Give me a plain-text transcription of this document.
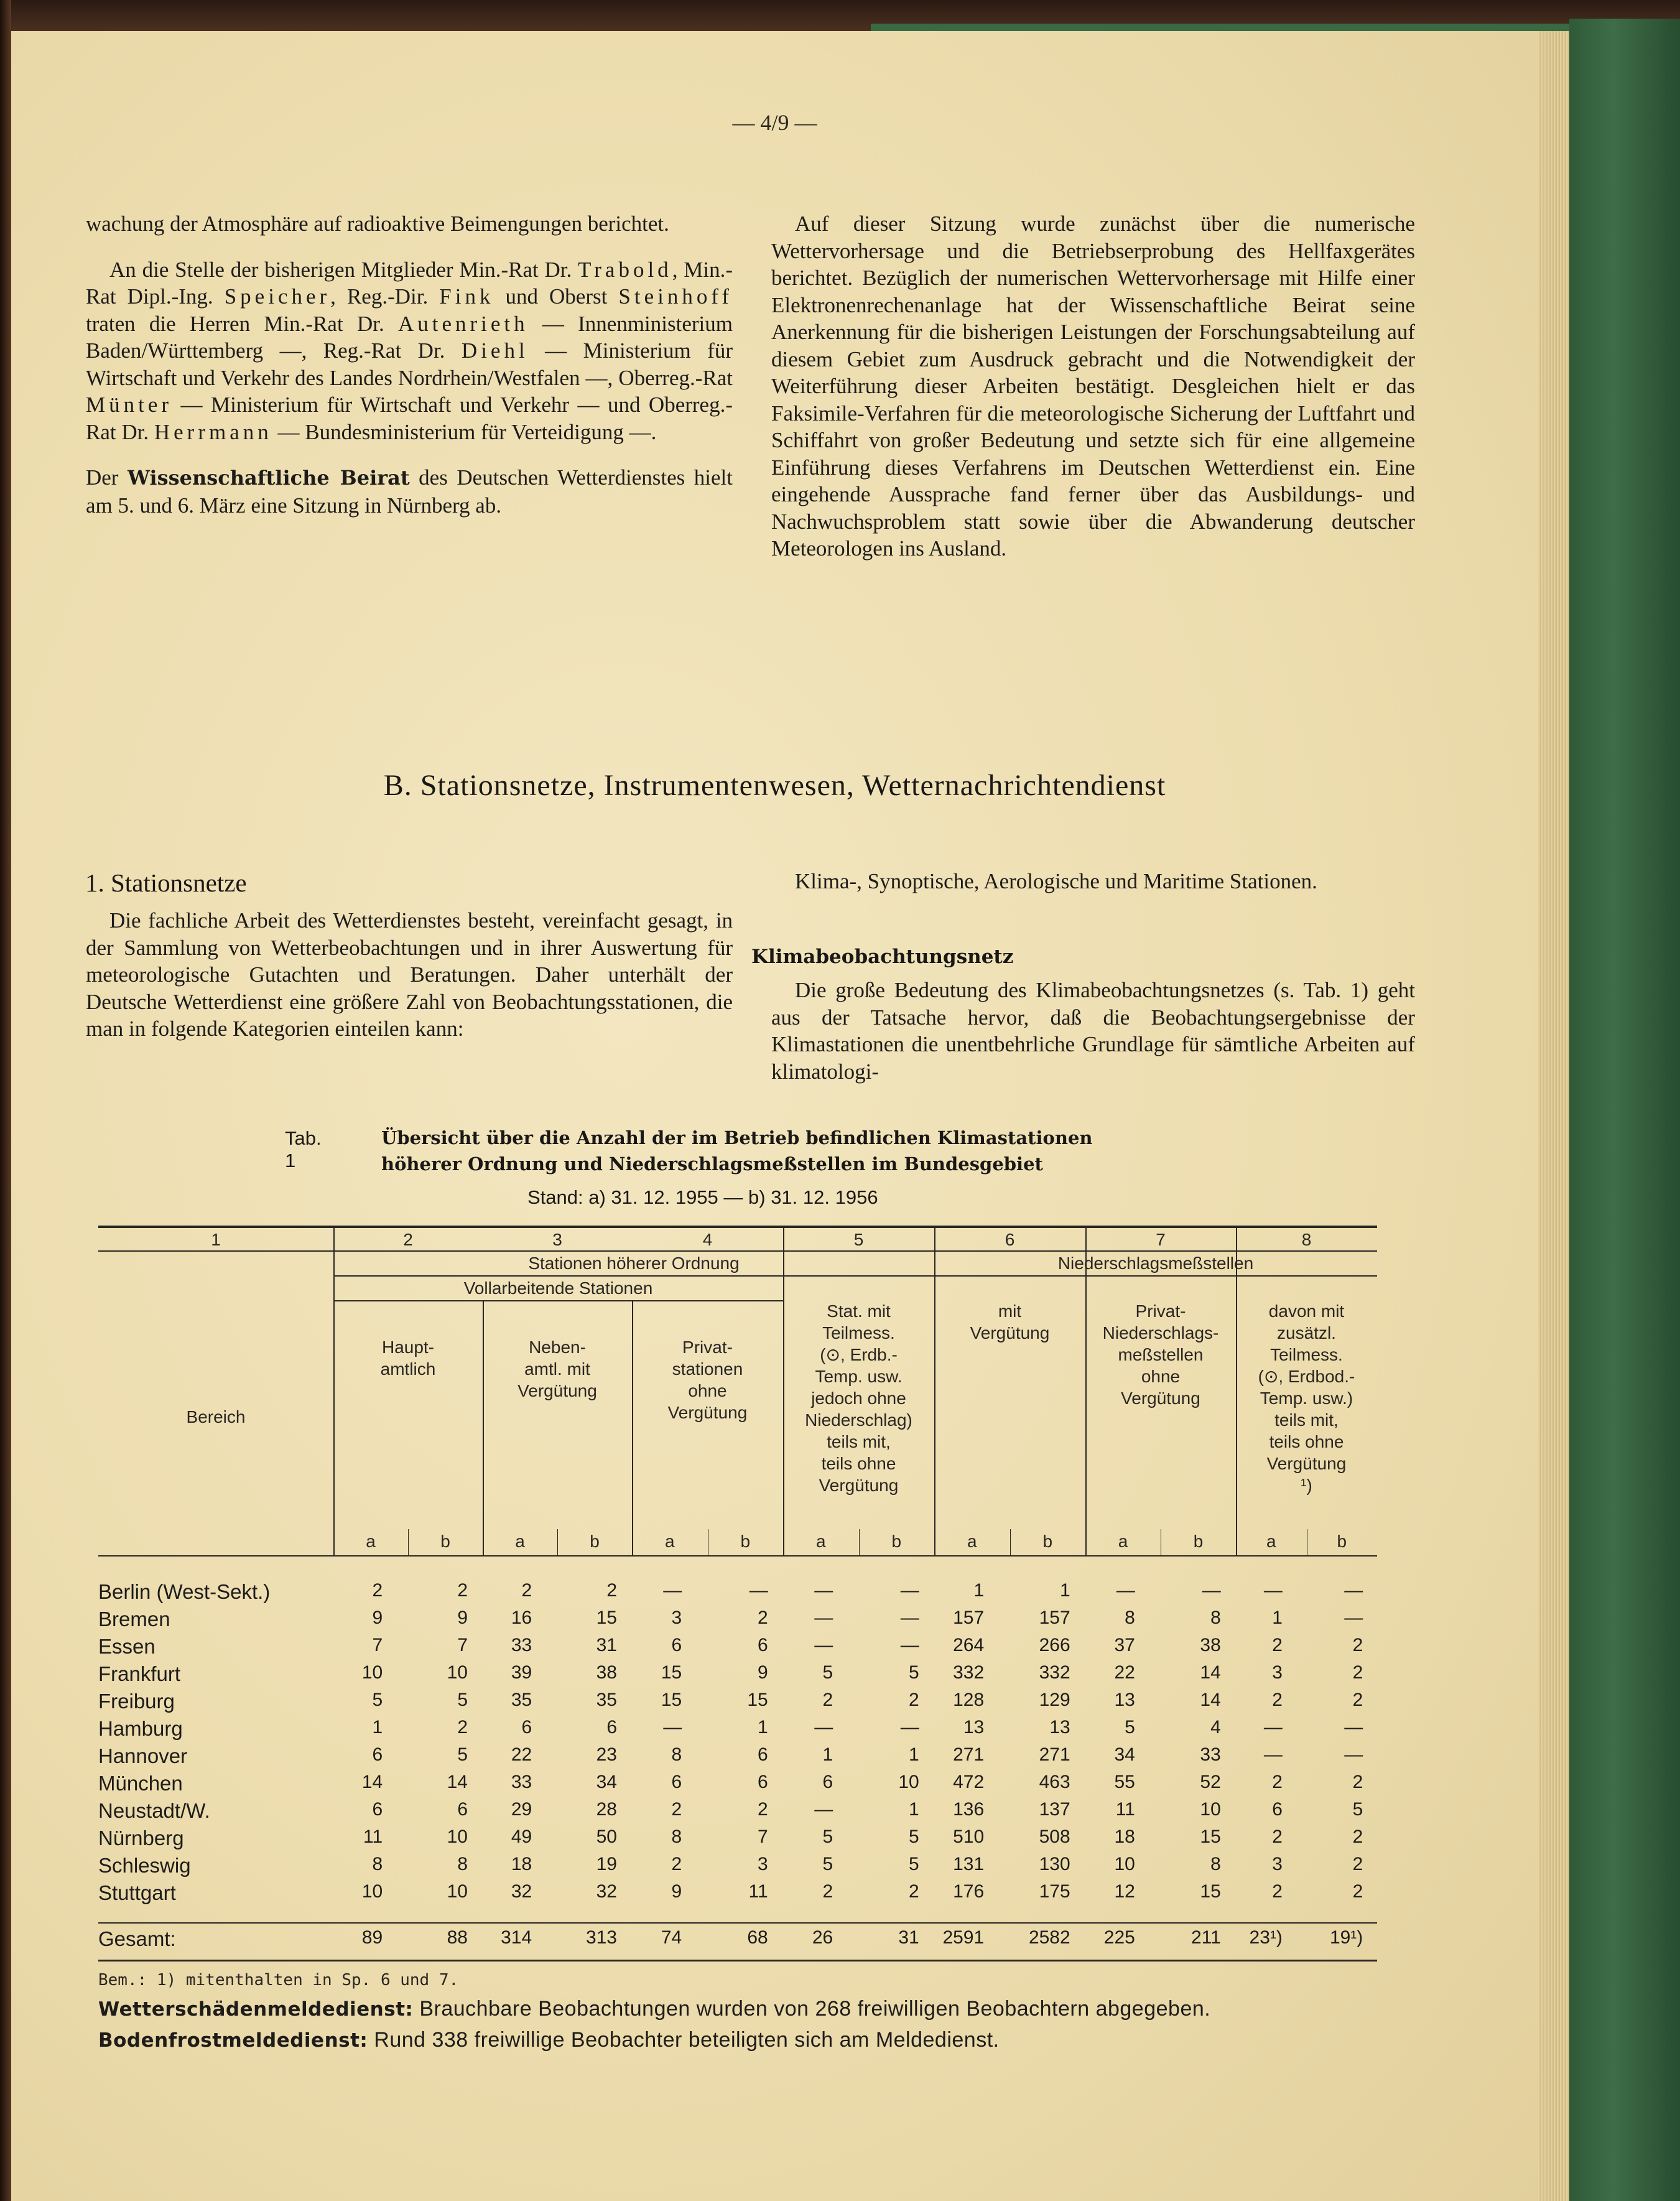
— 4/9 —

wachung der Atmosphäre auf radioaktive Beimengungen berichtet.

An die Stelle der bisherigen Mitglieder Min.-Rat Dr. Trabold, Min.-Rat Dipl.-Ing. Speicher, Reg.-Dir. Fink und Oberst Steinhoff traten die Herren Min.-Rat Dr. Autenrieth — Innenministerium Baden/Württemberg —, Reg.-Rat Dr. Diehl — Ministerium für Wirtschaft und Verkehr des Landes Nordrhein/Westfalen —, Oberreg.-Rat Münter — Ministerium für Wirtschaft und Verkehr — und Oberreg.-Rat Dr. Herrmann — Bundesministerium für Verteidigung —.

Der Wissenschaftliche Beirat des Deutschen Wetterdienstes hielt am 5. und 6. März eine Sitzung in Nürnberg ab.

Auf dieser Sitzung wurde zunächst über die numerische Wettervorhersage und die Betriebserprobung des Hellfaxgerätes berichtet. Bezüglich der numerischen Wettervorhersage mit Hilfe einer Elektronenrechenanlage hat der Wissenschaftliche Beirat seine Anerkennung für die bisherigen Leistungen der Forschungsabteilung auf diesem Gebiet zum Ausdruck gebracht und die Notwendigkeit der Weiterführung dieser Arbeiten bestätigt. Desgleichen hielt er das Faksimile-Verfahren für die meteorologische Sicherung der Luftfahrt und Schiffahrt von großer Bedeutung und setzte sich für eine allgemeine Einführung dieses Verfahrens im Deutschen Wetterdienst ein. Eine eingehende Aussprache fand ferner über das Ausbildungs- und Nachwuchsproblem statt sowie über die Abwanderung deutscher Meteorologen ins Ausland.

B. Stationsnetze, Instrumentenwesen, Wetternachrichtendienst
1. Stationsnetze

Die fachliche Arbeit des Wetterdienstes besteht, vereinfacht gesagt, in der Sammlung von Wetterbeobachtungen und in ihrer Auswertung für meteorologische Gutachten und Beratungen. Daher unterhält der Deutsche Wetterdienst eine größere Zahl von Beobachtungsstationen, die man in folgende Kategorien einteilen kann:

Klima-, Synoptische, Aerologische und Maritime Stationen.

Klimabeobachtungsnetz

Die große Bedeutung des Klimabeobachtungsnetzes (s. Tab. 1) geht aus der Tatsache hervor, daß die Beobachtungsergebnisse der Klimastationen die unentbehrliche Grundlage für sämtliche Arbeiten auf klimatologi-

Tab. 1
Übersicht über die Anzahl der im Betrieb befindlichen Klimastationen
höherer Ordnung und Niederschlagsmeßstellen im Bundesgebiet
Stand: a) 31. 12. 1955 — b) 31. 12. 1956
1	2	3	4	5	6	7	8
Stationen höherer Ordnung	Niederschlagsmeßstellen
Vollarbeitende Stationen
Bereich
Haupt-
amtlich
Neben-
amtl. mit
Vergütung
Privat-
stationen
ohne
Vergütung
Stat. mit
Teilmess.
(⊙, Erdb.-
Temp. usw.
jedoch ohne
Niederschlag)
teils mit,
teils ohne
Vergütung
mit
Vergütung
Privat-
Niederschlags-
meßstellen
ohne
Vergütung
davon mit
zusätzl.
Teilmess.
(⊙, Erdbod.-
Temp. usw.)
teils mit,
teils ohne
Vergütung
¹)
a	b	a	b	a	b	a	b	a	b	a	b	a	b
Berlin (West-Sekt.)	2	2	2	2	—	—	—	—	1	1	—	—	—	—
Bremen	9	9	16	15	3	2	—	—	157	157	8	8	1	—
Essen	7	7	33	31	6	6	—	—	264	266	37	38	2	2
Frankfurt	10	10	39	38	15	9	5	5	332	332	22	14	3	2
Freiburg	5	5	35	35	15	15	2	2	128	129	13	14	2	2
Hamburg	1	2	6	6	—	1	—	—	13	13	5	4	—	—
Hannover	6	5	22	23	8	6	1	1	271	271	34	33	—	—
München	14	14	33	34	6	6	6	10	472	463	55	52	2	2
Neustadt/W.	6	6	29	28	2	2	—	1	136	137	11	10	6	5
Nürnberg	11	10	49	50	8	7	5	5	510	508	18	15	2	2
Schleswig	8	8	18	19	2	3	5	5	131	130	10	8	3	2
Stuttgart	10	10	32	32	9	11	2	2	176	175	12	15	2	2
Gesamt:	89	88	314	313	74	68	26	31	2591	2582	225	211	23¹)	19¹)
Bem.: 1) mitenthalten in Sp. 6 und 7.
Wetterschädenmeldedienst: Brauchbare Beobachtungen wurden von 268 freiwilligen Beobachtern abgegeben.
Bodenfrostmeldedienst: Rund 338 freiwillige Beobachter beteiligten sich am Meldedienst.
